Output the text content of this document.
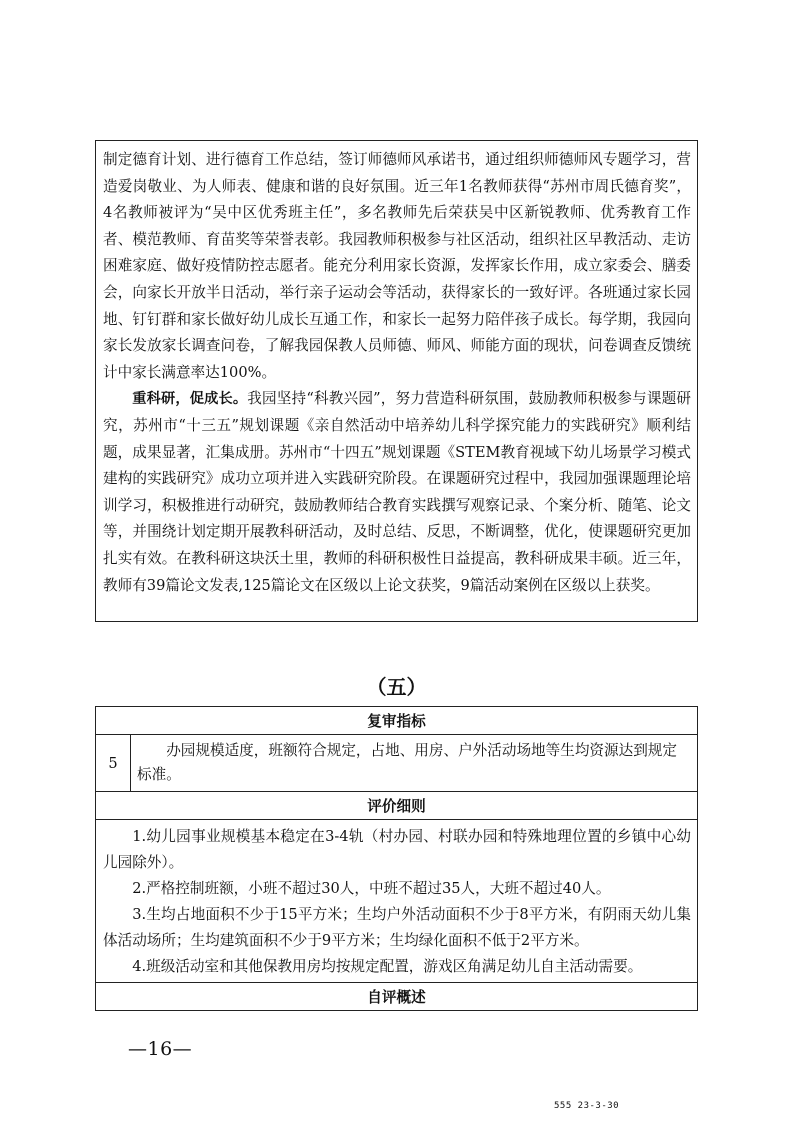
制定德育计划、进行德育工作总结，签订师德师风承诺书，通过组织师德师风专题学习，营造爱岗敬业、为人师表、健康和谐的良好氛围。近三年1名教师获得“苏州市周氏德育奖”，4名教师被评为“吴中区优秀班主任”，多名教师先后荣获吴中区新锐教师、优秀教育工作者、模范教师、育苗奖等荣誉表彰。我园教师积极参与社区活动，组织社区早教活动、走访困难家庭、做好疫情防控志愿者。能充分利用家长资源，发挥家长作用，成立家委会、膳委会，向家长开放半日活动，举行亲子运动会等活动，获得家长的一致好评。各班通过家长园地、钉钉群和家长做好幼儿成长互通工作，和家长一起努力陪伴孩子成长。每学期，我园向家长发放家长调查问卷，了解我园保教人员师德、师风、师能方面的现状，问卷调查反馈统计中家长满意率达100%。

重科研，促成长。我园坚持“科教兴园”，努力营造科研氛围，鼓励教师积极参与课题研究，苏州市“十三五”规划课题《亲自然活动中培养幼儿科学探究能力的实践研究》顺利结题，成果显著，汇集成册。苏州市“十四五”规划课题《STEM教育视域下幼儿场景学习模式建构的实践研究》成功立项并进入实践研究阶段。在课题研究过程中，我园加强课题理论培训学习，积极推进行动研究，鼓励教师结合教育实践撰写观察记录、个案分析、随笔、论文等，并围绕计划定期开展教科研活动，及时总结、反思，不断调整，优化，使课题研究更加扎实有效。在教科研这块沃土里，教师的科研积极性日益提高，教科研成果丰硕。近三年，教师有39篇论文发表,125篇论文在区级以上论文获奖，9篇活动案例在区级以上获奖。

（五）
复审指标
5	办园规模适度，班额符合规定，占地、用房、户外活动场地等生均资源达到规定标准。
评价细则

1.幼儿园事业规模基本稳定在3-4轨（村办园、村联办园和特殊地理位置的乡镇中心幼儿园除外）。

2.严格控制班额，小班不超过30人，中班不超过35人，大班不超过40人。

3.生均占地面积不少于15平方米；生均户外活动面积不少于8平方米，有阴雨天幼儿集体活动场所；生均建筑面积不少于9平方米；生均绿化面积不低于2平方米。

4.班级活动室和其他保教用房均按规定配置，游戏区角满足幼儿自主活动需要。

自评概述
—16—
555 23-3-30
